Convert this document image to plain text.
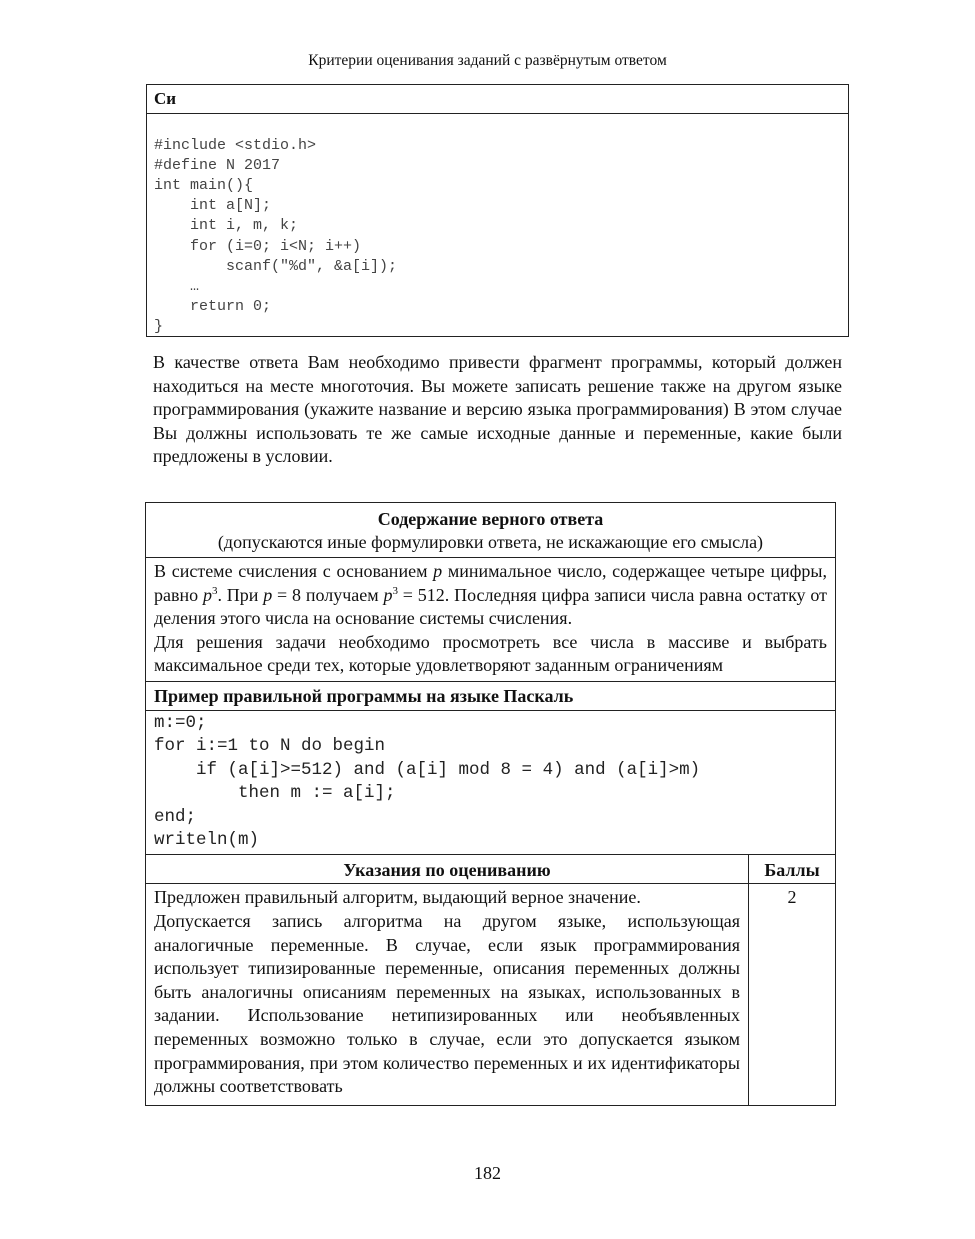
Критерии оценивания заданий с развёрнутым ответом
Си

#include <stdio.h>
#define N 2017
int main(){
int a[N];
int i, m, k;
for (i=0; i<N; i++)
scanf("%d", &a[i]);
…
return 0;
}

В качестве ответа Вам необходимо привести фрагмент программы, который должен находиться на месте многоточия. Вы можете записать решение также на другом языке программирования (укажите название и версию языка программирования) В этом случае Вы должны использовать те же самые исходные данные и переменные, какие были предложены в условии.
Содержание верного ответа
(допускаются иные формулировки ответа, не искажающие его смысла)

В системе счисления с основанием p минимальное число, содержащее четыре цифры, равно $p^3$. При p = 8 получаем $p^3 = 512$. Последняя цифра записи числа равна остатку от деления этого числа на основание системы счисления.

Для решения задачи необходимо просмотреть все числа в массиве и выбрать максимальное среди тех, которые удовлетворяют заданным ограничениям

Пример правильной программы на языке Паскаль
m:=0;
for i:=1 to N do begin
if (a[i]>=512) and (a[i] mod 8 = 4) and (a[i]>m)
then m := a[i];
end;
writeln(m)
Указания по оцениванию	Баллы

Предложен правильный алгоритм, выдающий верное значение.

Допускается запись алгоритма на другом языке, использующая аналогичные переменные. В случае, если язык программирования использует типизированные переменные, описания переменных должны быть аналогичны описаниям переменных на языках, использованных в задании. Использование нетипизированных или необъявленных переменных возможно только в случае, если это допускается языком программирования, при этом количество переменных и их идентификаторы должны соответствовать

2
182
